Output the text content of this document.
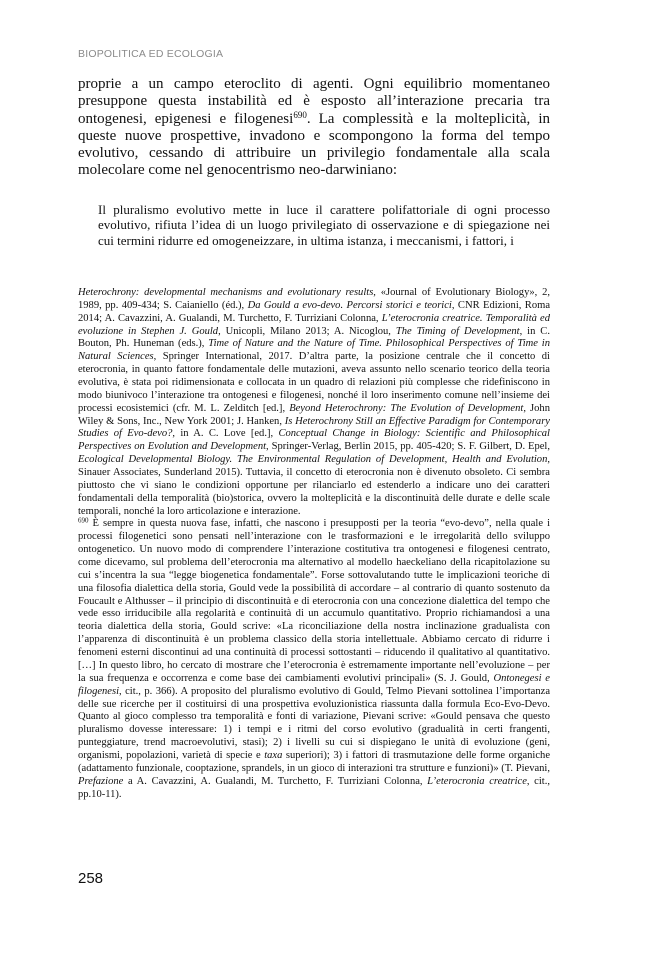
BIOPOLITICA ED ECOLOGIA

proprie a un campo eteroclito di agenti. Ogni equilibrio momentaneo presuppone questa instabilità ed è esposto all’interazione precaria tra ontogenesi, epigenesi e filogenesi$^{690}$. La complessità e la molteplicità, in queste nuove prospettive, invadono e scompongono la forma del tempo evolutivo, cessando di attribuire un privilegio fondamentale alla scala molecolare come nel genocentrismo neo-darwiniano:

Il pluralismo evolutivo mette in luce il carattere polifattoriale di ogni processo evolutivo, rifiuta l’idea di un luogo privilegiato di osservazione e di spiegazione nei cui termini ridurre ed omogeneizzare, in ultima istanza, i meccanismi, i fattori, i

Heterochrony: developmental mechanisms and evolutionary results, «Journal of Evolutionary Biology», 2, 1989, pp. 409-434; S. Caianiello (éd.), Da Gould a evo-devo. Percorsi storici e teorici, CNR Edizioni, Roma 2014; A. Cavazzini, A. Gualandi, M. Turchetto, F. Turriziani Colonna, L’eterocronia creatrice. Temporalità ed evoluzione in Stephen J. Gould, Unicopli, Milano 2013; A. Nicoglou, The Timing of Development, in C. Bouton, Ph. Huneman (eds.), Time of Nature and the Nature of Time. Philosophical Perspectives of Time in Natural Sciences, Springer International, 2017. D’altra parte, la posizione centrale che il concetto di eterocronia, in quanto fattore fondamentale delle mutazioni, aveva assunto nello scenario teorico della teoria evolutiva, è stata poi ridimensionata e collocata in un quadro di relazioni più complesse che ridefiniscono in modo biunivoco l’interazione tra ontogenesi e filogenesi, nonché il loro inserimento comune nell’insieme dei processi ecosistemici (cfr. M. L. Zelditch [ed.], Beyond Heterochrony: The Evolution of Development, John Wiley & Sons, Inc., New York 2001; J. Hanken, Is Heterochrony Still an Effective Paradigm for Contemporary Studies of Evo-devo?, in A. C. Love [ed.], Conceptual Change in Biology: Scientific and Philosophical Perspectives on Evolution and Development, Springer-Verlag, Berlin 2015, pp. 405-420; S. F. Gilbert, D. Epel, Ecological Developmental Biology. The Environmental Regulation of Development, Health and Evolution, Sinauer Associates, Sunderland 2015). Tuttavia, il concetto di eterocronia non è divenuto obsoleto. Ci sembra piuttosto che vi siano le condizioni opportune per rilanciarlo ed estenderlo a indicare uno dei caratteri fondamentali della temporalità (bio)storica, ovvero la molteplicità e la discontinuità delle durate e delle scale temporali, nonché la loro articolazione e interazione.

$^{690}$ È sempre in questa nuova fase, infatti, che nascono i presupposti per la teoria “evo-devo”, nella quale i processi filogenetici sono pensati nell’interazione con le trasformazioni e le irregolarità dello sviluppo ontogenetico. Un nuovo modo di comprendere l’interazione costitutiva tra ontogenesi e filogenesi centrato, come dicevamo, sul problema dell’eterocronia ma alternativo al modello haeckeliano della ricapitolazione su cui s’incentra la sua “legge biogenetica fondamentale”. Forse sottovalutando tutte le implicazioni teoriche di una filosofia dialettica della storia, Gould vede la possibilità di accordare – al contrario di quanto sostenuto da Foucault e Althusser – il principio di discontinuità e di eterocronia con una concezione dialettica del tempo che vede esso irriducibile alla regolarità e continuità di un accumulo quantitativo. Proprio richiamandosi a una teoria dialettica della storia, Gould scrive: «La riconciliazione della nostra inclinazione gradualista con l’apparenza di discontinuità è un problema classico della storia intellettuale. Abbiamo cercato di ridurre i fenomeni esterni discontinui ad una continuità di processi sottostanti – riducendo il qualitativo al quantitativo. […] In questo libro, ho cercato di mostrare che l’eterocronia è estremamente importante nell’evoluzione – per la sua frequenza e occorrenza e come base dei cambiamenti evolutivi principali» (S. J. Gould, Ontonegesi e filogenesi, cit., p. 366). A proposito del pluralismo evolutivo di Gould, Telmo Pievani sottolinea l’importanza delle sue ricerche per il costituirsi di una prospettiva evoluzionistica riassunta dalla formula Eco-Evo-Devo. Quanto al gioco complesso tra temporalità e fonti di variazione, Pievani scrive: «Gould pensava che questo pluralismo dovesse interessare: 1) i tempi e i ritmi del corso evolutivo (gradualità in certi frangenti, punteggiature, trend macroevolutivi, stasi); 2) i livelli su cui si dispiegano le unità di evoluzione (geni, organismi, popolazioni, varietà di specie e taxa superiori); 3) i fattori di trasmutazione delle forme organiche (adattamento funzionale, cooptazione, sprandels, in un gioco di interazioni tra strutture e funzioni)» (T. Pievani, Prefazione a A. Cavazzini, A. Gualandi, M. Turchetto, F. Turriziani Colonna, L’eterocronia creatrice, cit., pp.10-11).

258
